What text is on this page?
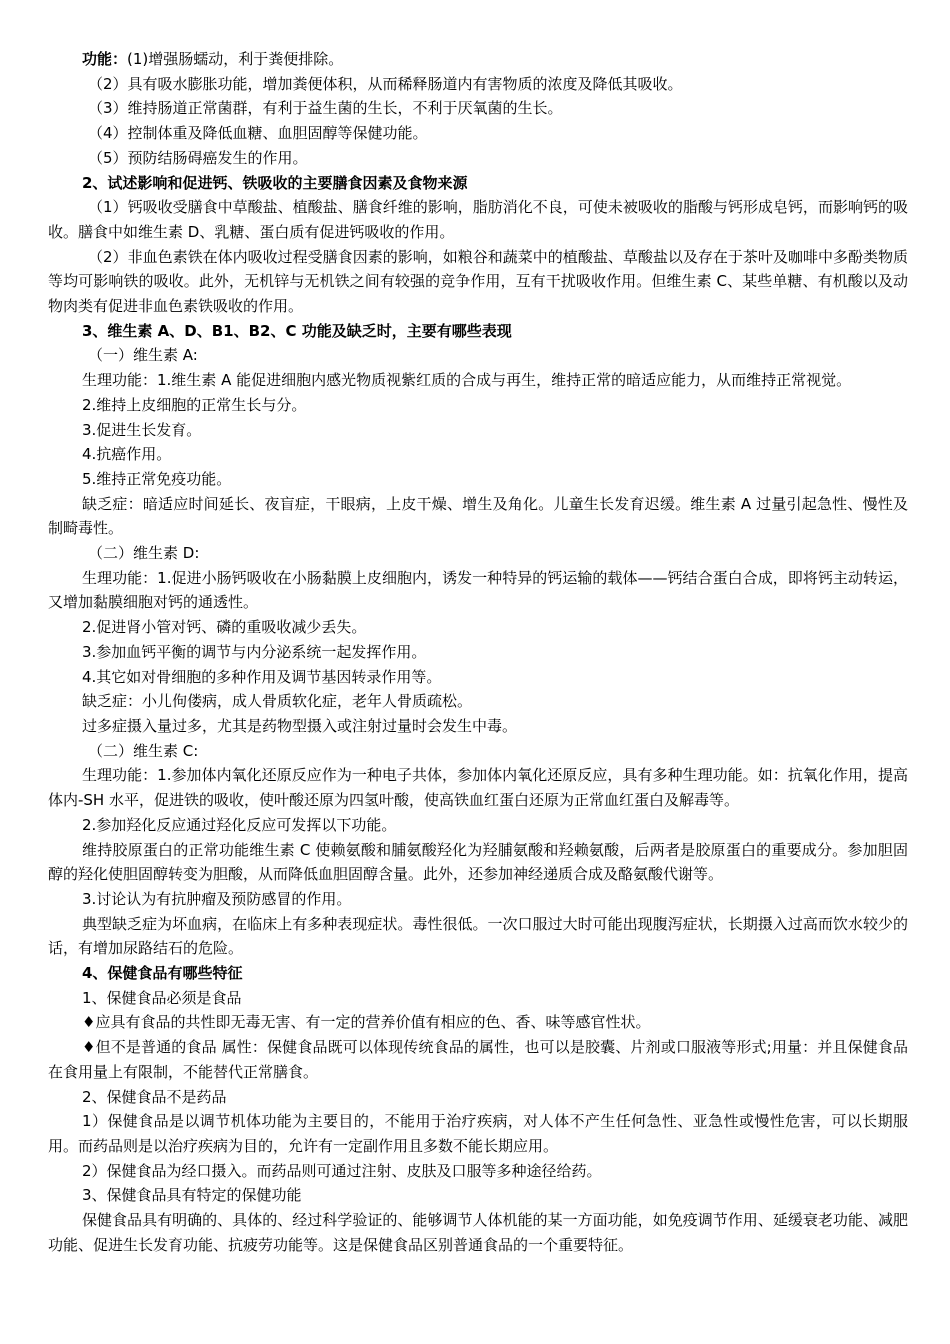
功能：(1)增强肠蠕动，利于粪便排除。

（2）具有吸水膨胀功能，增加粪便体积，从而稀释肠道内有害物质的浓度及降低其吸收。

（3）维持肠道正常菌群，有利于益生菌的生长，不利于厌氧菌的生长。

（4）控制体重及降低血糖、血胆固醇等保健功能。

（5）预防结肠碍癌发生的作用。

2、试述影响和促进钙、铁吸收的主要膳食因素及食物来源

（1）钙吸收受膳食中草酸盐、植酸盐、膳食纤维的影响，脂肪消化不良，可使未被吸收的脂酸与钙形成皂钙，而影响钙的吸收。膳食中如维生素 D、乳糖、蛋白质有促进钙吸收的作用。

（2）非血色素铁在体内吸收过程受膳食因素的影响，如粮谷和蔬菜中的植酸盐、草酸盐以及存在于茶叶及咖啡中多酚类物质等均可影响铁的吸收。此外，无机锌与无机铁之间有较强的竞争作用，互有干扰吸收作用。但维生素 C、某些单糖、有机酸以及动物肉类有促进非血色素铁吸收的作用。

3、维生素 A、D、B1、B2、C 功能及缺乏时，主要有哪些表现

（一）维生素 A:

生理功能：1.维生素 A 能促进细胞内感光物质视紫红质的合成与再生，维持正常的暗适应能力，从而维持正常视觉。

2.维持上皮细胞的正常生长与分。

3.促进生长发育。

4.抗癌作用。

5.维持正常免疫功能。

缺乏症：暗适应时间延长、夜盲症，干眼病，上皮干燥、增生及角化。儿童生长发育迟缓。维生素 A 过量引起急性、慢性及制畸毒性。

（二）维生素 D:

生理功能：1.促进小肠钙吸收在小肠黏膜上皮细胞内，诱发一种特异的钙运输的载体——钙结合蛋白合成，即将钙主动转运，又增加黏膜细胞对钙的通透性。

2.促进肾小管对钙、磷的重吸收减少丢失。

3.参加血钙平衡的调节与内分泌系统一起发挥作用。

4.其它如对骨细胞的多种作用及调节基因转录作用等。

缺乏症：小儿佝偻病，成人骨质软化症，老年人骨质疏松。

过多症摄入量过多，尤其是药物型摄入或注射过量时会发生中毒。

（二）维生素 C:

生理功能：1.参加体内氧化还原反应作为一种电子共体，参加体内氧化还原反应，具有多种生理功能。如：抗氧化作用，提高体内-SH 水平，促进铁的吸收，使叶酸还原为四氢叶酸，使高铁血红蛋白还原为正常血红蛋白及解毒等。

2.参加羟化反应通过羟化反应可发挥以下功能。

维持胶原蛋白的正常功能维生素 C 使赖氨酸和脯氨酸羟化为羟脯氨酸和羟赖氨酸，后两者是胶原蛋白的重要成分。参加胆固醇的羟化使胆固醇转变为胆酸，从而降低血胆固醇含量。此外，还参加神经递质合成及酪氨酸代谢等。

3.讨论认为有抗肿瘤及预防感冒的作用。

典型缺乏症为坏血病，在临床上有多种表现症状。毒性很低。一次口服过大时可能出现腹泻症状，长期摄入过高而饮水较少的话，有增加尿路结石的危险。

4、保健食品有哪些特征

1、保健食品必须是食品

♦应具有食品的共性即无毒无害、有一定的营养价值有相应的色、香、味等感官性状。

♦但不是普通的食品 属性：保健食品既可以体现传统食品的属性，也可以是胶囊、片剂或口服液等形式;用量：并且保健食品在食用量上有限制，不能替代正常膳食。

2、保健食品不是药品

1）保健食品是以调节机体功能为主要目的，不能用于治疗疾病，对人体不产生任何急性、亚急性或慢性危害，可以长期服用。而药品则是以治疗疾病为目的，允许有一定副作用且多数不能长期应用。

2）保健食品为经口摄入。而药品则可通过注射、皮肤及口服等多种途径给药。

3、保健食品具有特定的保健功能

保健食品具有明确的、具体的、经过科学验证的、能够调节人体机能的某一方面功能，如免疫调节作用、延缓衰老功能、减肥功能、促进生长发育功能、抗疲劳功能等。这是保健食品区别普通食品的一个重要特征。
